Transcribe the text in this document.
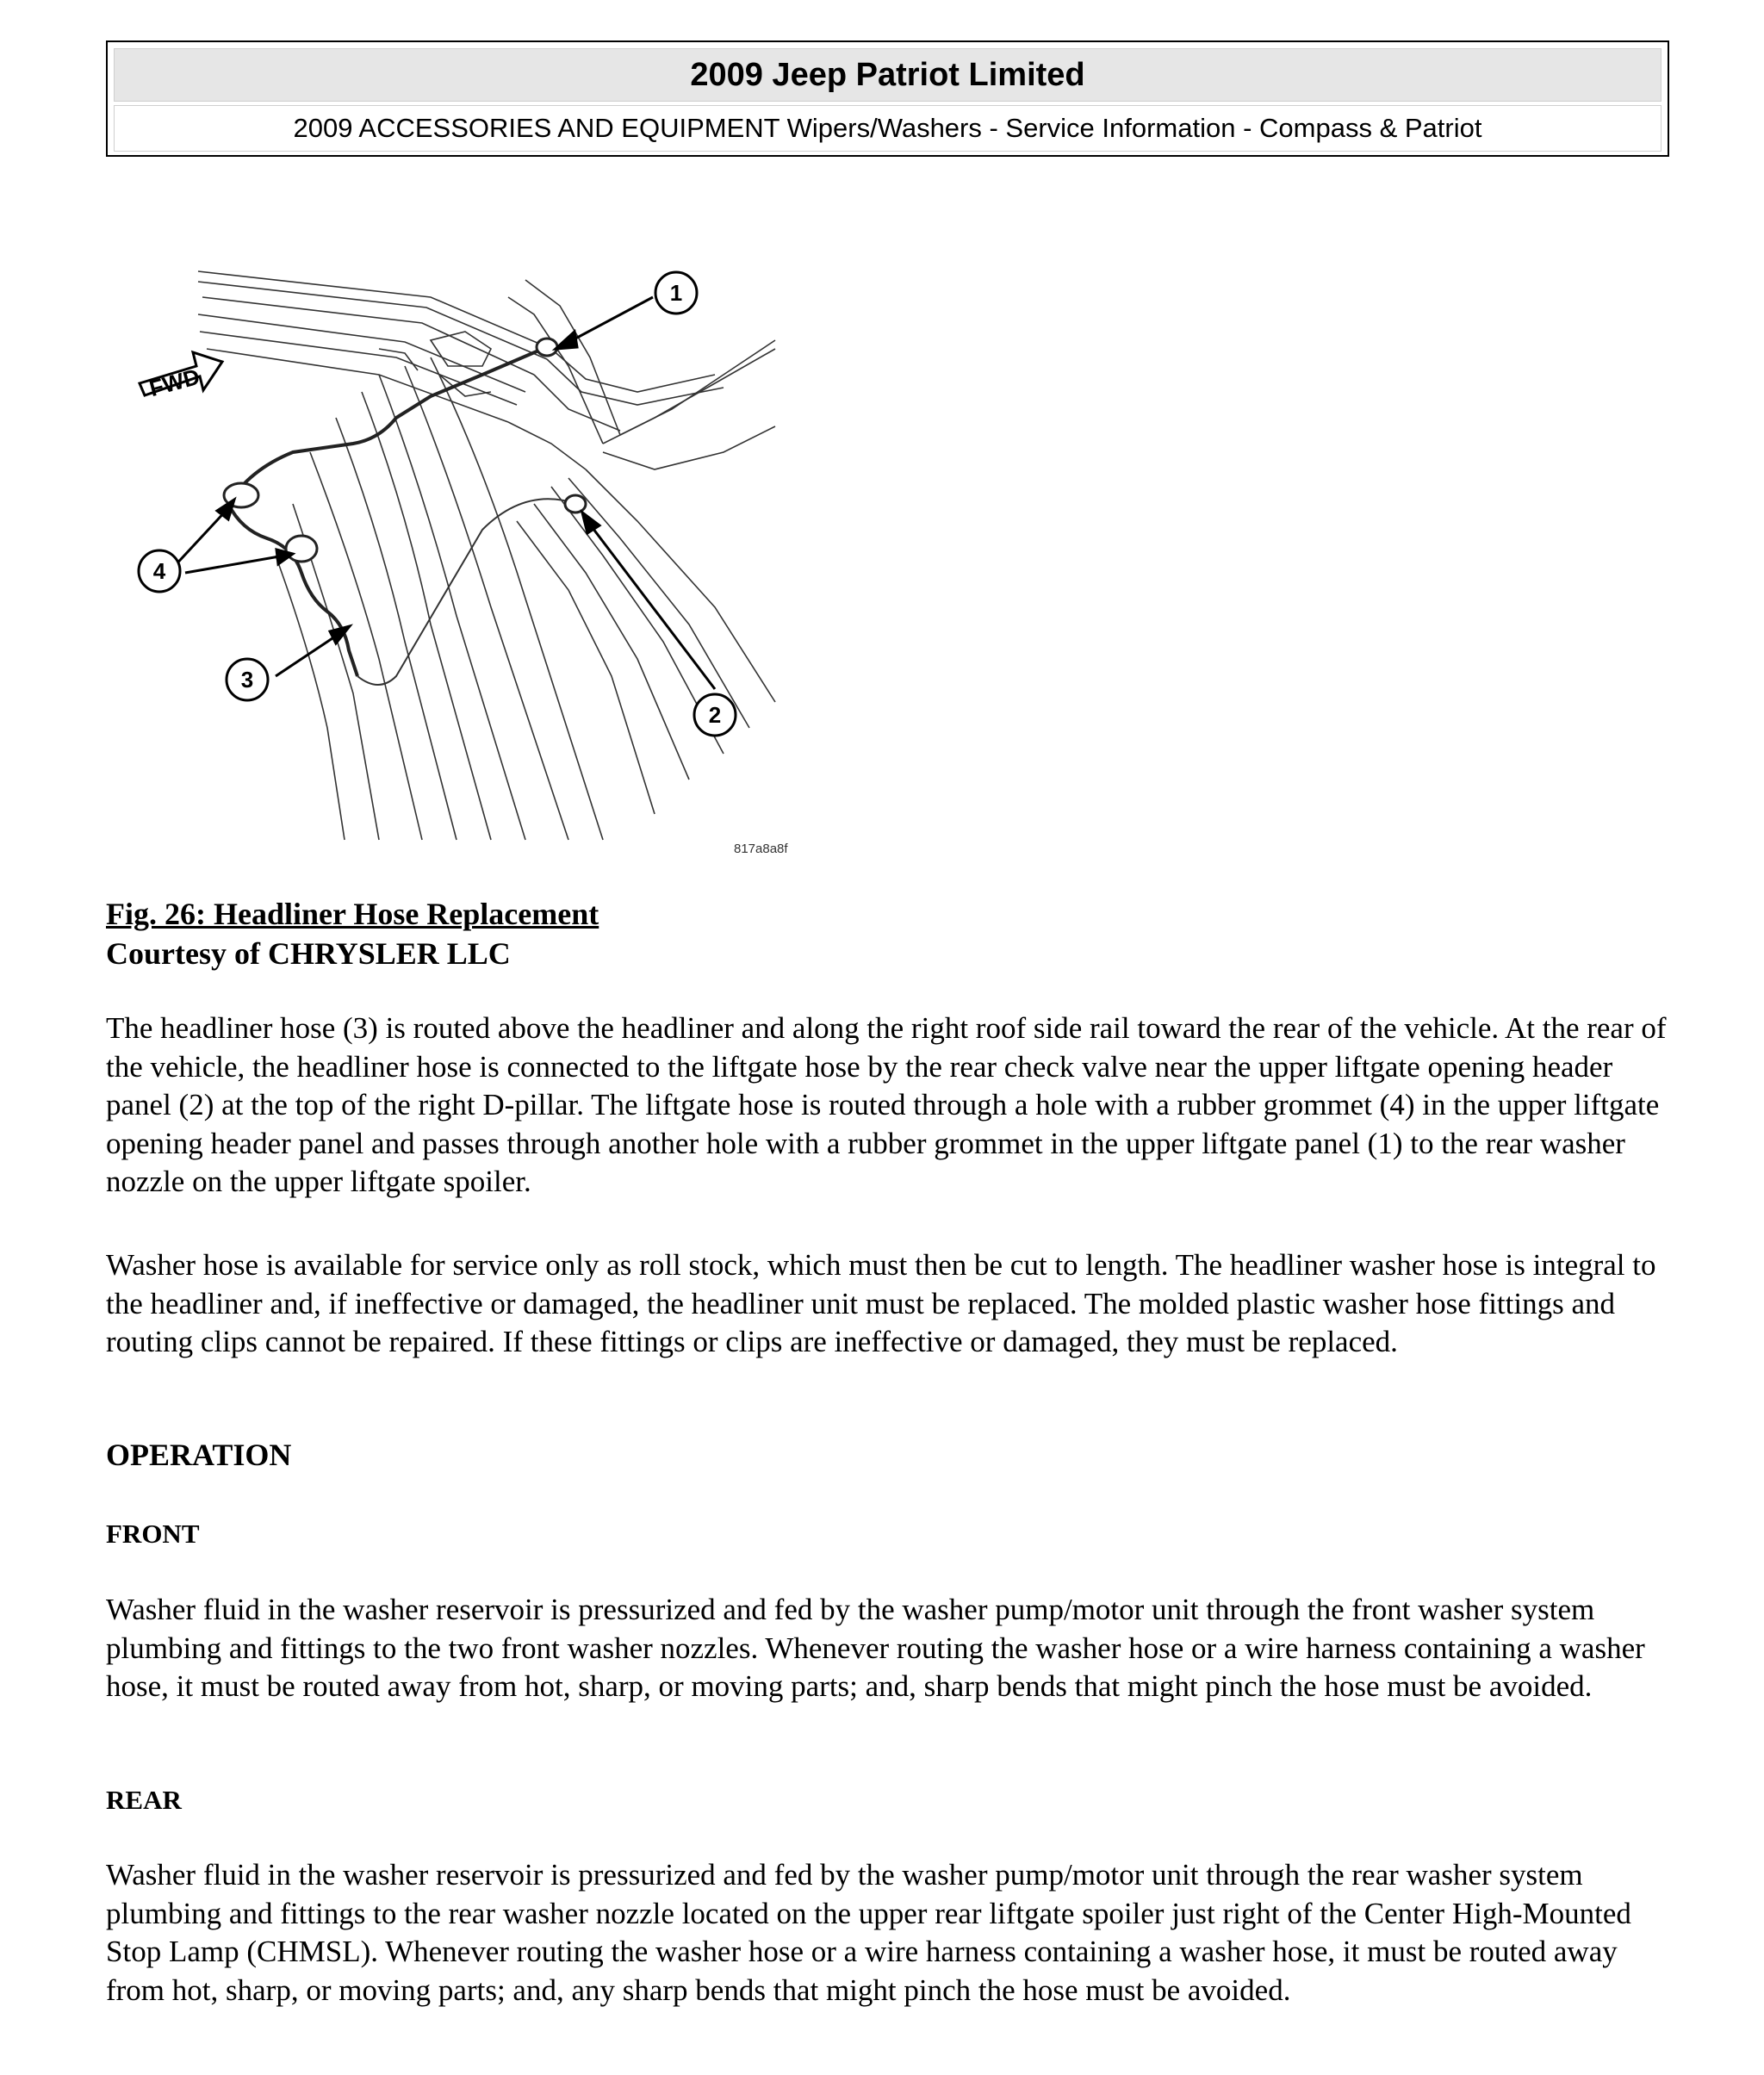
2009 Jeep Patriot Limited
2009 ACCESSORIES AND EQUIPMENT Wipers/Washers - Service Information - Compass & Patriot
FWD
1
2
3
4
817a8a8f
Fig. 26: Headliner Hose Replacement
Courtesy of CHRYSLER LLC

The headliner hose (3) is routed above the headliner and along the right roof side rail toward the rear of the vehicle. At the rear of the vehicle, the headliner hose is connected to the liftgate hose by the rear check valve near the upper liftgate opening header panel (2) at the top of the right D-pillar. The liftgate hose is routed through a hole with a rubber grommet (4) in the upper liftgate opening header panel and passes through another hole with a rubber grommet in the upper liftgate panel (1) to the rear washer nozzle on the upper liftgate spoiler.

Washer hose is available for service only as roll stock, which must then be cut to length. The headliner washer hose is integral to the headliner and, if ineffective or damaged, the headliner unit must be replaced. The molded plastic washer hose fittings and routing clips cannot be repaired. If these fittings or clips are ineffective or damaged, they must be replaced.

OPERATION
FRONT

Washer fluid in the washer reservoir is pressurized and fed by the washer pump/motor unit through the front washer system plumbing and fittings to the two front washer nozzles. Whenever routing the washer hose or a wire harness containing a washer hose, it must be routed away from hot, sharp, or moving parts; and, sharp bends that might pinch the hose must be avoided.

REAR

Washer fluid in the washer reservoir is pressurized and fed by the washer pump/motor unit through the rear washer system plumbing and fittings to the rear washer nozzle located on the upper rear liftgate spoiler just right of the Center High-Mounted Stop Lamp (CHMSL). Whenever routing the washer hose or a wire harness containing a washer hose, it must be routed away from hot, sharp, or moving parts; and, any sharp bends that might pinch the hose must be avoided.
